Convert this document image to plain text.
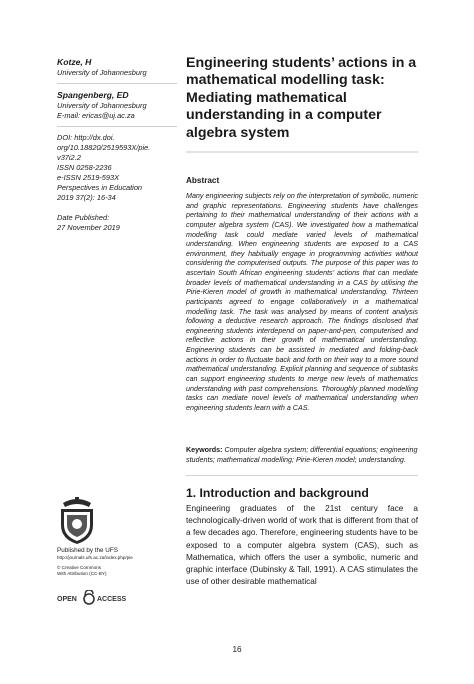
Kotze, H

University of Johannesburg

Spangenberg, ED

University of Johannesburg

E-mail: ericas@uj.ac.za

DOI: http://dx.doi.
org/10.18820/2519593X/pie.
v37i2.2

ISSN 0258-2236

e-ISSN 2519-593X

Perspectives in Education

2019 37(2): 16-34

Date Published:

27 November 2019

Engineering students’ actions in a mathematical modelling task: Mediating mathematical understanding in a computer algebra system
Abstract

Many engineering subjects rely on the interpretation of symbolic, numeric and graphic representations. Engineering students have challenges pertaining to their mathematical understanding of their actions with a computer algebra system (CAS). We investigated how a mathematical modelling task could mediate varied levels of mathematical understanding. When engineering students are exposed to a CAS environment, they habitually engage in programming activities without considering the computerised outputs. The purpose of this paper was to ascertain South African engineering students’ actions that can mediate broader levels of mathematical understanding in a CAS by utilising the Pirie-Kieren model of growth in mathematical understanding. Thirteen participants agreed to engage collaboratively in a mathematical modelling task. The task was analysed by means of content analysis following a deductive research approach. The findings disclosed that engineering students interdepend on paper-and-pen, computerised and reflective actions in their growth of mathematical understanding. Engineering students can be assisted in mediated and folding-back actions in order to fluctuate back and forth on their way to a more sound mathematical understanding. Explicit planning and sequence of subtasks can support engineering students to merge new levels of mathematics understanding with past comprehensions. Thoroughly planned modelling tasks can mediate novel levels of mathematical understanding when engineering students learn with a CAS.

Keywords: Computer algebra system; differential equations; engineering students; mathematical modelling; Pirie-Kieren model; understanding.

1. Introduction and background

Engineering graduates of the 21st century face a technologically-driven world of work that is different from that of a few decades ago. Therefore, engineering students have to be exposed to a computer algebra system (CAS), such as Mathematica, which offers the user a symbolic, numeric and graphic interface (Dubinsky & Tall, 1991). A CAS stimulates the use of other desirable mathematical

Published by the UFS

http://journals.ufs.ac.za/index.php/pie

© Creative Commons

With Attribution (CC-BY)

OPEN	ACCESS

16
